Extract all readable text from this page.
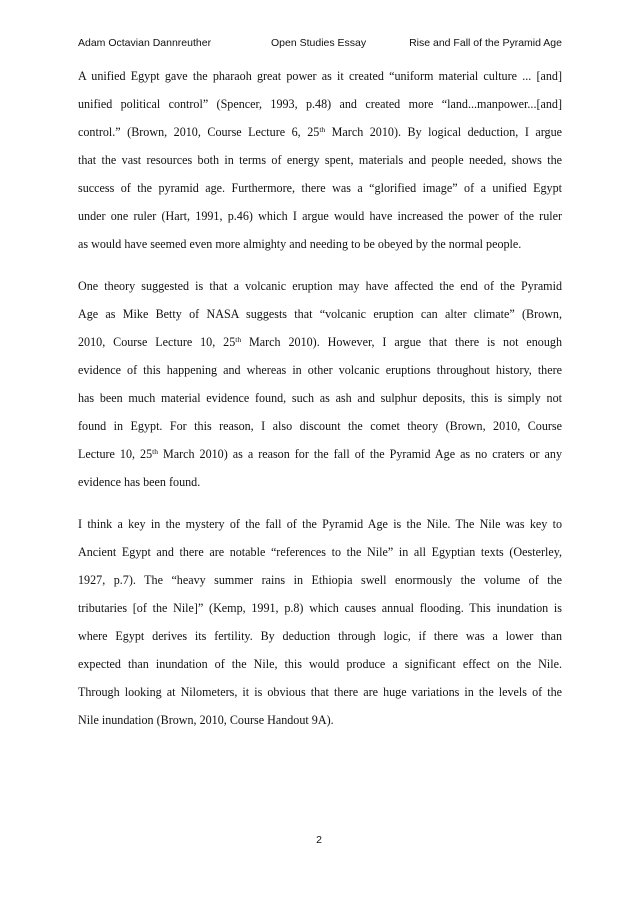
Adam Octavian Dannreuther	Open Studies Essay	Rise and Fall of the Pyramid Age
A unified Egypt gave the pharaoh great power as it created “uniform material culture ... [and]
unified political control” (Spencer, 1993, p.48) and created more “land...manpower...[and]
control.” (Brown, 2010, Course Lecture 6, 25th March 2010). By logical deduction, I argue
that the vast resources both in terms of energy spent, materials and people needed, shows the
success of the pyramid age. Furthermore, there was a “glorified image” of a unified Egypt
under one ruler (Hart, 1991, p.46) which I argue would have increased the power of the ruler
as would have seemed even more almighty and needing to be obeyed by the normal people.
One theory suggested is that a volcanic eruption may have affected the end of the Pyramid
Age as Mike Betty of NASA suggests that “volcanic eruption can alter climate” (Brown,
2010, Course Lecture 10, 25th March 2010). However, I argue that there is not enough
evidence of this happening and whereas in other volcanic eruptions throughout history, there
has been much material evidence found, such as ash and sulphur deposits, this is simply not
found in Egypt. For this reason, I also discount the comet theory (Brown, 2010, Course
Lecture 10, 25th March 2010) as a reason for the fall of the Pyramid Age as no craters or any
evidence has been found.
I think a key in the mystery of the fall of the Pyramid Age is the Nile. The Nile was key to
Ancient Egypt and there are notable “references to the Nile” in all Egyptian texts (Oesterley,
1927, p.7). The “heavy summer rains in Ethiopia swell enormously the volume of the
tributaries [of the Nile]” (Kemp, 1991, p.8) which causes annual flooding. This inundation is
where Egypt derives its fertility. By deduction through logic, if there was a lower than
expected than inundation of the Nile, this would produce a significant effect on the Nile.
Through looking at Nilometers, it is obvious that there are huge variations in the levels of the
Nile inundation (Brown, 2010, Course Handout 9A).
2
